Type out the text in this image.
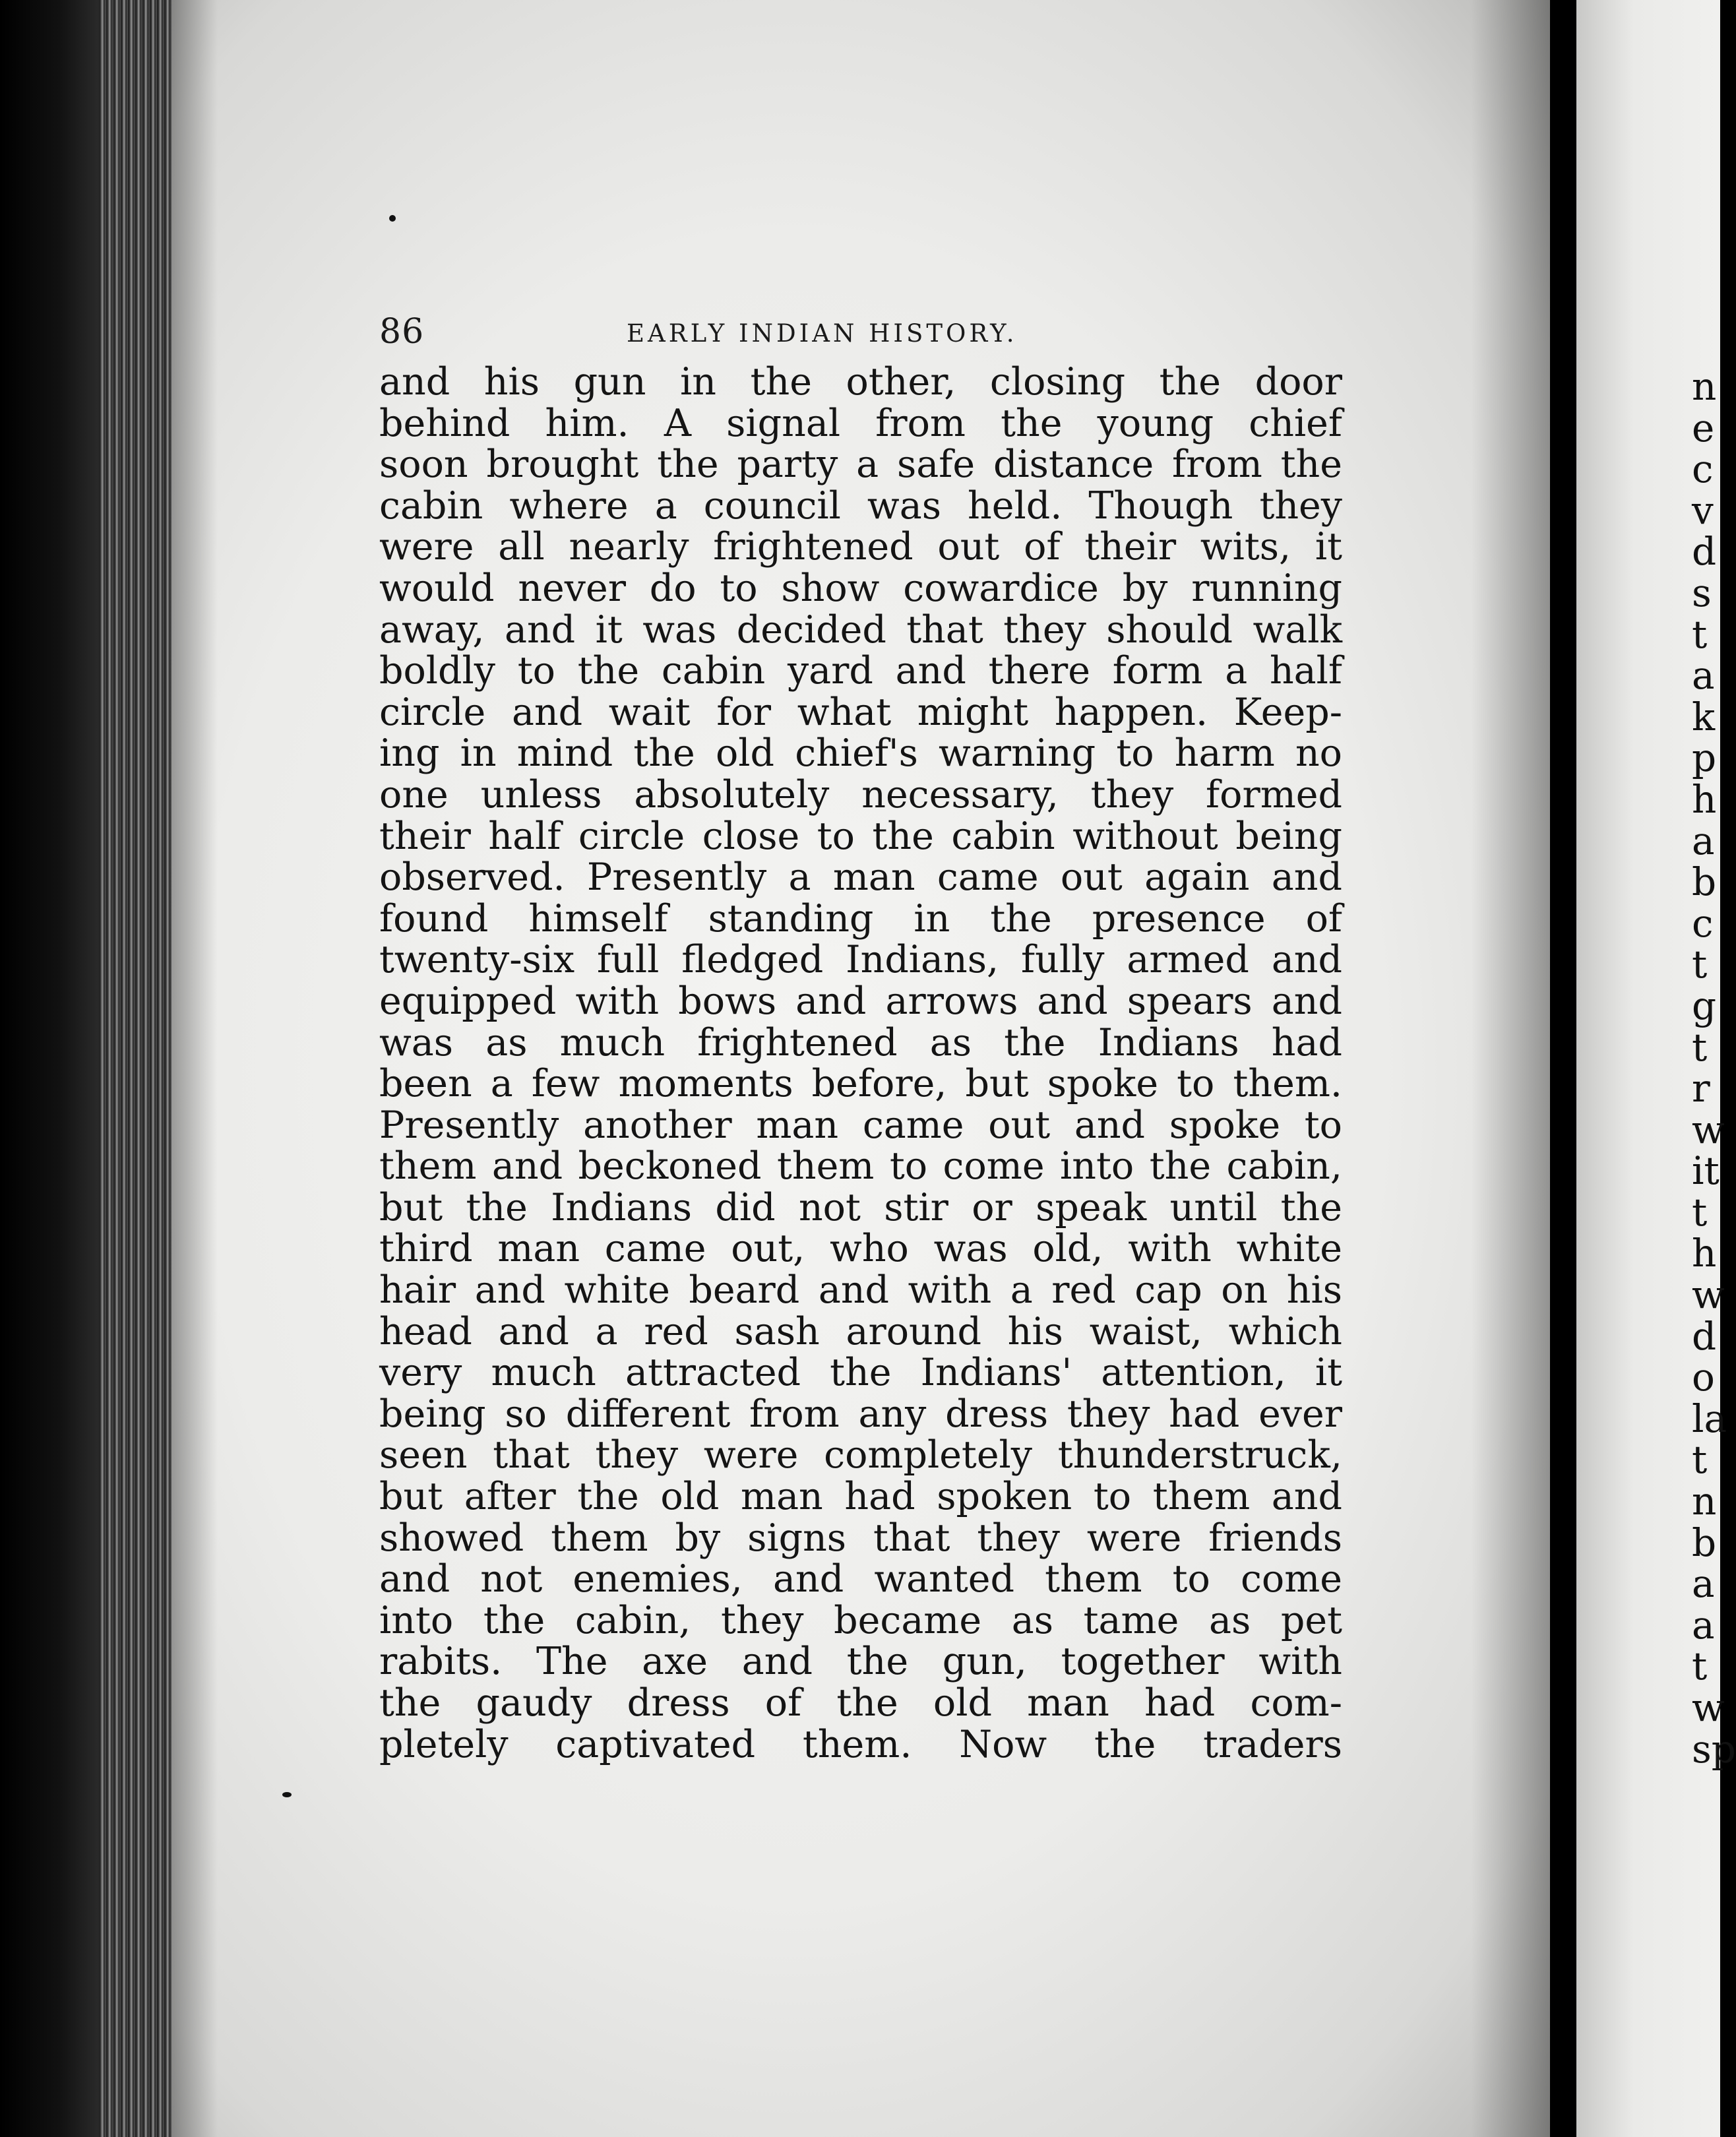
86	EARLY INDIAN HISTORY.
and his gun in the other, closing the door
behind him. A signal from the young chief
soon brought the party a safe distance from the
cabin where a council was held. Though they
were all nearly frightened out of their wits, it
would never do to show cowardice by running
away, and it was decided that they should walk
boldly to the cabin yard and there form a half
circle and wait for what might happen. Keep-
ing in mind the old chief's warning to harm no
one unless absolutely necessary, they formed
their half circle close to the cabin without being
observed. Presently a man came out again and
found himself standing in the presence of
twenty-six full fledged Indians, fully armed and
equipped with bows and arrows and spears and
was as much frightened as the Indians had
been a few moments before, but spoke to them.
Presently another man came out and spoke to
them and beckoned them to come into the cabin,
but the Indians did not stir or speak until the
third man came out, who was old, with white
hair and white beard and with a red cap on his
head and a red sash around his waist, which
very much attracted the Indians' attention, it
being so different from any dress they had ever
seen that they were completely thunderstruck,
but after the old man had spoken to them and
showed them by signs that they were friends
and not enemies, and wanted them to come
into the cabin, they became as tame as pet
rabits. The axe and the gun, together with
the gaudy dress of the old man had com-
pletely captivated them. Now the traders
n
e
c
v
d
s
t
a
k
p
h
a
b
c
t
g
t
r
w
it
t
h
w
d
o
la
t
n
b
a
a
t
w
sp
